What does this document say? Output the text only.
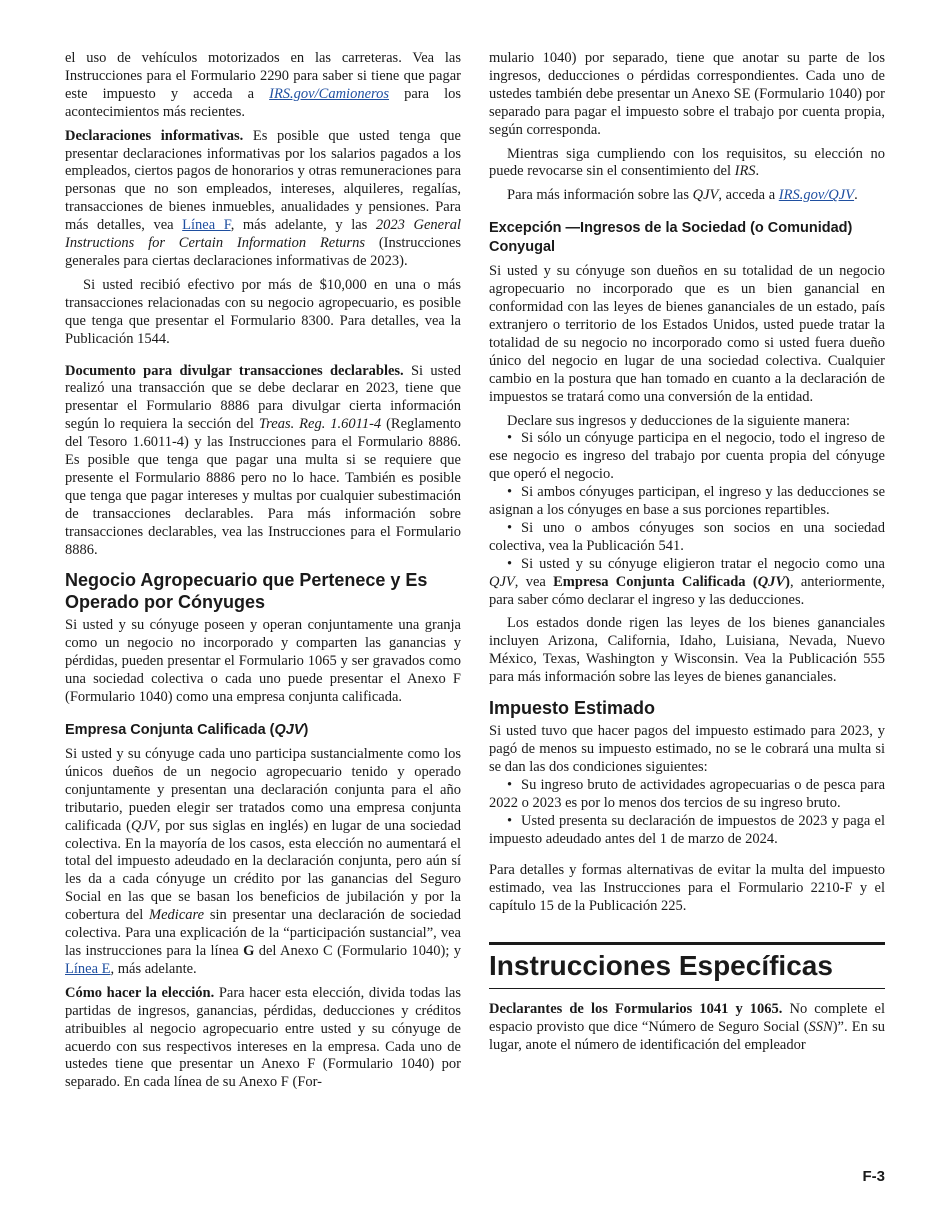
el uso de vehículos motorizados en las carreteras. Vea las Instrucciones para el Formulario 2290 para saber si tiene que pagar este impuesto y acceda a IRS.gov/Camioneros para los acontecimientos más recientes.

Declaraciones informativas. Es posible que usted tenga que presentar declaraciones informativas por los salarios pagados a los empleados, ciertos pagos de honorarios y otras remuneraciones para personas que no son empleados, intereses, alquileres, regalías, transacciones de bienes inmuebles, anualidades y pensiones. Para más detalles, vea Línea F, más adelante, y las 2023 General Instructions for Certain Information Returns (Instrucciones generales para ciertas declaraciones informativas de 2023).

Si usted recibió efectivo por más de $10,000 en una o más transacciones relacionadas con su negocio agropecuario, es posible que tenga que presentar el Formulario 8300. Para detalles, vea la Publicación 1544.

Documento para divulgar transacciones declarables. Si usted realizó una transacción que se debe declarar en 2023, tiene que presentar el Formulario 8886 para divulgar cierta información según lo requiera la sección del Treas. Reg. 1.6011-4 (Reglamento del Tesoro 1.6011-4) y las Instrucciones para el Formulario 8886. Es posible que tenga que pagar una multa si se requiere que presente el Formulario 8886 pero no lo hace. También es posible que tenga que pagar intereses y multas por cualquier subestimación de transacciones declarables. Para más información sobre transacciones declarables, vea las Instrucciones para el Formulario 8886.

Negocio Agropecuario que Pertenece y Es Operado por Cónyuges

Si usted y su cónyuge poseen y operan conjuntamente una granja como un negocio no incorporado y comparten las ganancias y pérdidas, pueden presentar el Formulario 1065 y ser gravados como una sociedad colectiva o cada uno puede presentar el Anexo F (Formulario 1040) como una empresa conjunta calificada.

Empresa Conjunta Calificada (QJV)

Si usted y su cónyuge cada uno participa sustancialmente como los únicos dueños de un negocio agropecuario tenido y operado conjuntamente y presentan una declaración conjunta para el año tributario, pueden elegir ser tratados como una empresa conjunta calificada (QJV, por sus siglas en inglés) en lugar de una sociedad colectiva. En la mayoría de los casos, esta elección no aumentará el total del impuesto adeudado en la declaración conjunta, pero aún sí les da a cada cónyuge un crédito por las ganancias del Seguro Social en las que se basan los beneficios de jubilación y por la cobertura del Medicare sin presentar una declaración de sociedad colectiva. Para una explicación de la “participación sustancial”, vea las instrucciones para la línea G del Anexo C (Formulario 1040); y Línea E, más adelante.

Cómo hacer la elección. Para hacer esta elección, divida todas las partidas de ingresos, ganancias, pérdidas, deducciones y créditos atribuibles al negocio agropecuario entre usted y su cónyuge de acuerdo con sus respectivos intereses en la empresa. Cada uno de ustedes tiene que presentar un Anexo F (Formulario 1040) por separado. En cada línea de su Anexo F (For-

mulario 1040) por separado, tiene que anotar su parte de los ingresos, deducciones o pérdidas correspondientes. Cada uno de ustedes también debe presentar un Anexo SE (Formulario 1040) por separado para pagar el impuesto sobre el trabajo por cuenta propia, según corresponda.

Mientras siga cumpliendo con los requisitos, su elección no puede revocarse sin el consentimiento del IRS.

Para más información sobre las QJV, acceda a IRS.gov/QJV.

Excepción —Ingresos de la Sociedad (o Comunidad) Conyugal

Si usted y su cónyuge son dueños en su totalidad de un negocio agropecuario no incorporado que es un bien ganancial en conformidad con las leyes de bienes gananciales de un estado, país extranjero o territorio de los Estados Unidos, usted puede tratar la totalidad de su negocio no incorporado como si usted fuera dueño único del negocio en lugar de una sociedad colectiva. Cualquier cambio en la postura que han tomado en cuanto a la declaración de impuestos se tratará como una conversión de la entidad.

Declare sus ingresos y deducciones de la siguiente manera:

• Si sólo un cónyuge participa en el negocio, todo el ingreso de ese negocio es ingreso del trabajo por cuenta propia del cónyuge que operó el negocio.

• Si ambos cónyuges participan, el ingreso y las deducciones se asignan a los cónyuges en base a sus porciones repartibles.

• Si uno o ambos cónyuges son socios en una sociedad colectiva, vea la Publicación 541.

• Si usted y su cónyuge eligieron tratar el negocio como una QJV, vea Empresa Conjunta Calificada (QJV), anteriormente, para saber cómo declarar el ingreso y las deducciones.

Los estados donde rigen las leyes de los bienes gananciales incluyen Arizona, California, Idaho, Luisiana, Nevada, Nuevo México, Texas, Washington y Wisconsin. Vea la Publicación 555 para más información sobre las leyes de bienes gananciales.

Impuesto Estimado

Si usted tuvo que hacer pagos del impuesto estimado para 2023, y pagó de menos su impuesto estimado, no se le cobrará una multa si se dan las dos condiciones siguientes:

• Su ingreso bruto de actividades agropecuarias o de pesca para 2022 o 2023 es por lo menos dos tercios de su ingreso bruto.

• Usted presenta su declaración de impuestos de 2023 y paga el impuesto adeudado antes del 1 de marzo de 2024.

Para detalles y formas alternativas de evitar la multa del impuesto estimado, vea las Instrucciones para el Formulario 2210-F y el capítulo 15 de la Publicación 225.

Instrucciones Específicas

Declarantes de los Formularios 1041 y 1065. No complete el espacio provisto que dice “Número de Seguro Social (SSN)”. En su lugar, anote el número de identificación del empleador

F-3
